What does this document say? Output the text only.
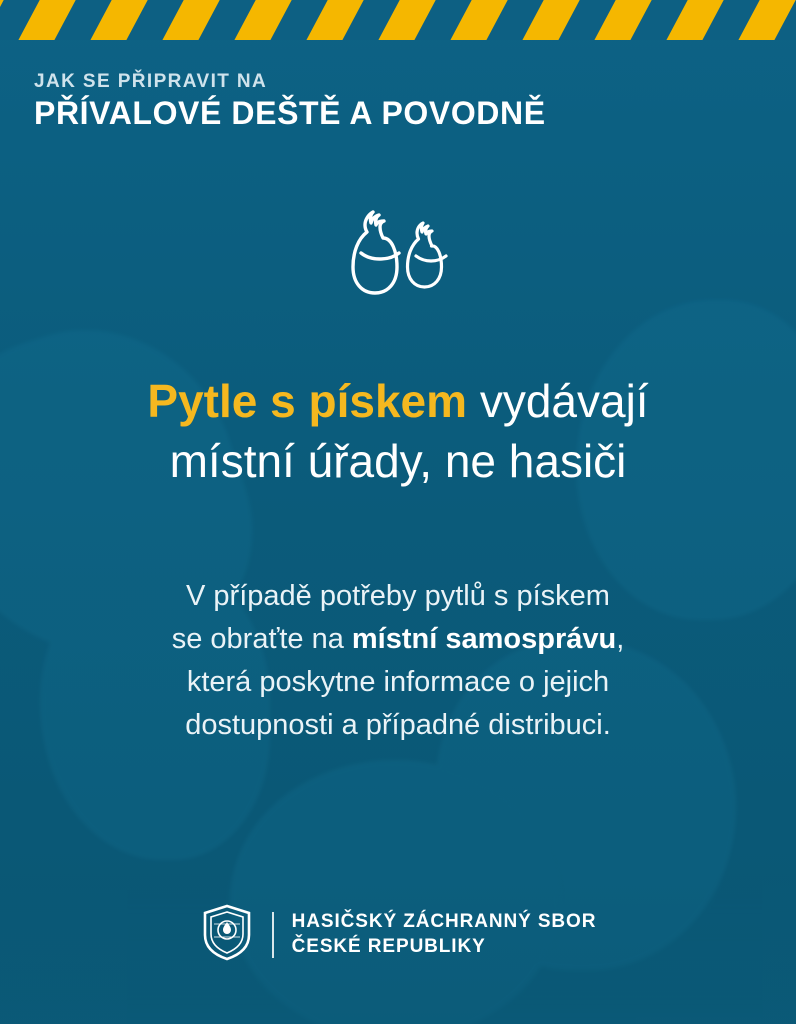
JAK SE PŘIPRAVIT NA
PŘÍVALOVÉ DEŠTĚ A POVODNĚ
Pytle s pískem vydávají
místní úřady, ne hasiči
V případě potřeby pytlů s pískem
se obraťte na místní samosprávu,
která poskytne informace o jejich
dostupnosti a případné distribuci.
HASIČSKÝ ZÁCHRANNÝ SBOR
ČESKÉ REPUBLIKY
